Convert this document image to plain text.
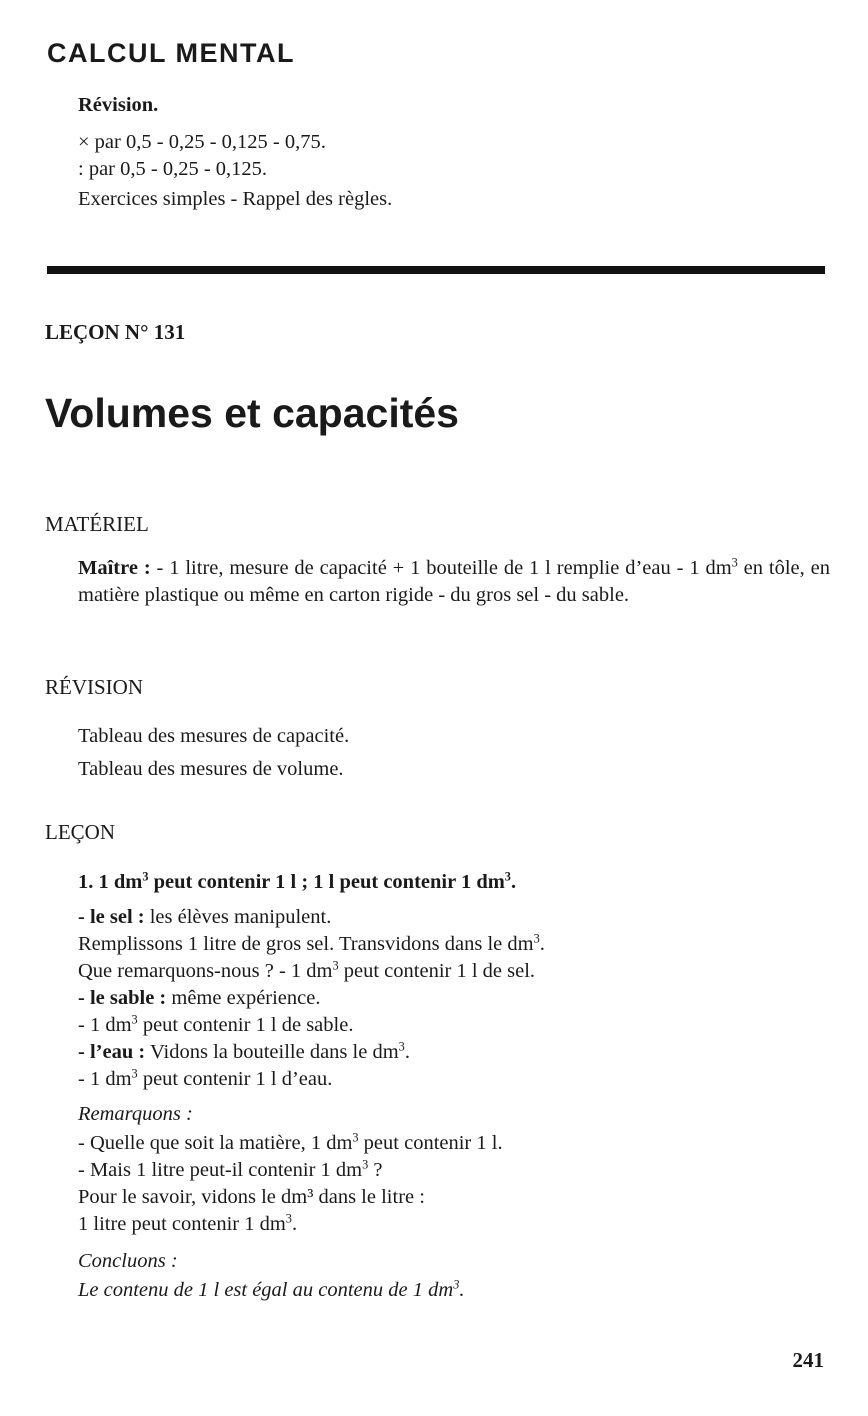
CALCUL MENTAL
Révision.
× par 0,5 - 0,25 - 0,125 - 0,75.
: par 0,5 - 0,25 - 0,125.
Exercices simples - Rappel des règles.
LEÇON N° 131
Volumes et capacités
MATÉRIEL
Maître : - 1 litre, mesure de capacité + 1 bouteille de 1 l remplie d’eau - 1 $dm^3$ en tôle, en matière plastique ou même en carton rigide - du gros sel - du sable.
RÉVISION
Tableau des mesures de capacité.
Tableau des mesures de volume.
LEÇON
1. 1 $dm^3$ peut contenir 1 l ; 1 l peut contenir 1 $dm^3$.
- le sel : les élèves manipulent.
Remplissons 1 litre de gros sel. Transvidons dans le $dm^3$.
Que remarquons-nous ? - 1 $dm^3$ peut contenir 1 l de sel.
- le sable : même expérience.
- 1 $dm^3$ peut contenir 1 l de sable.
- l’eau : Vidons la bouteille dans le $dm^3$.
- 1 $dm^3$ peut contenir 1 l d’eau.
Remarquons :
- Quelle que soit la matière, 1 $dm^3$ peut contenir 1 l.
- Mais 1 litre peut-il contenir 1 $dm^3$ ?
Pour le savoir, vidons le dm³ dans le litre :
1 litre peut contenir 1 $dm^3$.
Concluons :
Le contenu de 1 l est égal au contenu de 1 $dm^3$.
241
